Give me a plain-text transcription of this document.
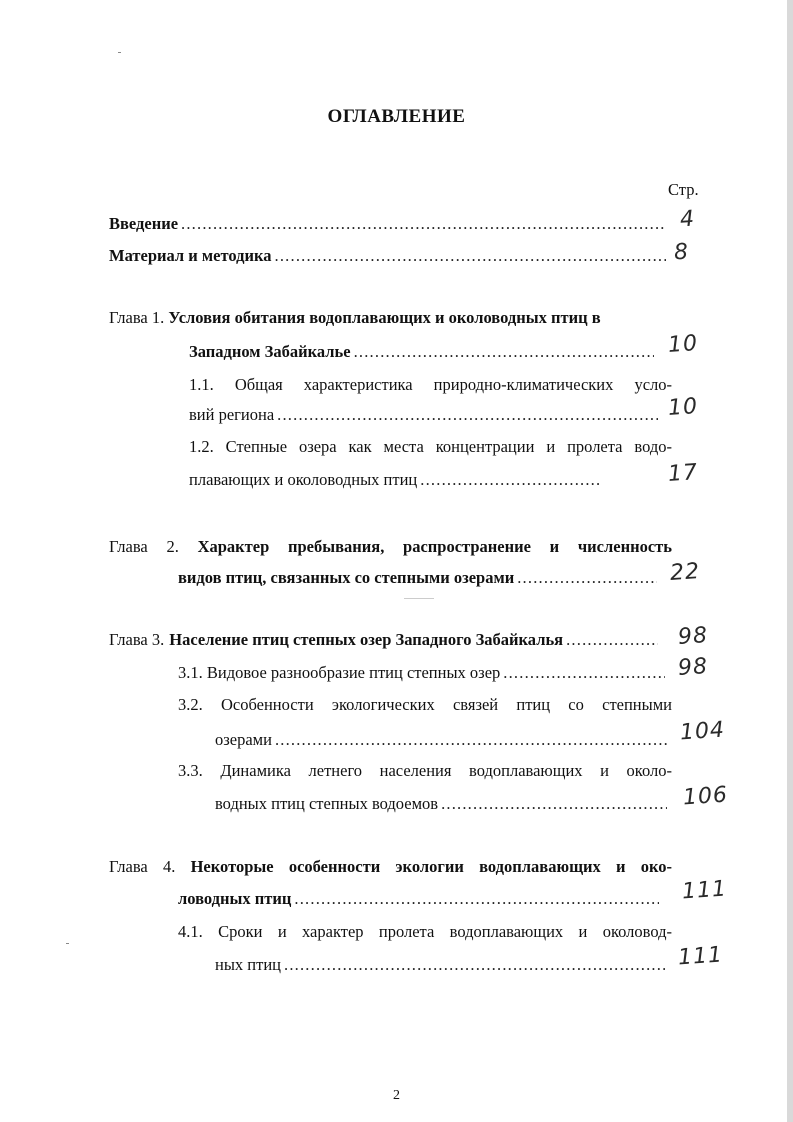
ОГЛАВЛЕНИЕ
Стр.
Введение .....	4
Материал и методика .....	8
Глава 1. Условия обитания водоплавающих и околоводных птиц в
Западном Забайкалье .....	10
1.1. Общая характеристика природно-климатических усло-
вий региона .....	10
1.2. Степные озера как места концентрации и пролета водо-
плавающих и околоводных птиц .....	17
Глава 2. Характер пребывания, распространение и численность
видов птиц, связанных со степными озерами .....	22
Глава 3. Население птиц степных озер Западного Забайкалья .....	98
3.1. Видовое разнообразие птиц степных озер .....	98
3.2. Особенности экологических связей птиц со степными
озерами .....	104
3.3. Динамика летнего населения водоплавающих и около-
водных птиц степных водоемов .....	106
Глава 4. Некоторые особенности экологии водоплавающих и око-
ловодных птиц .....	111
4.1. Сроки и характер пролета водоплавающих и околовод-
ных птиц .....	111
2
